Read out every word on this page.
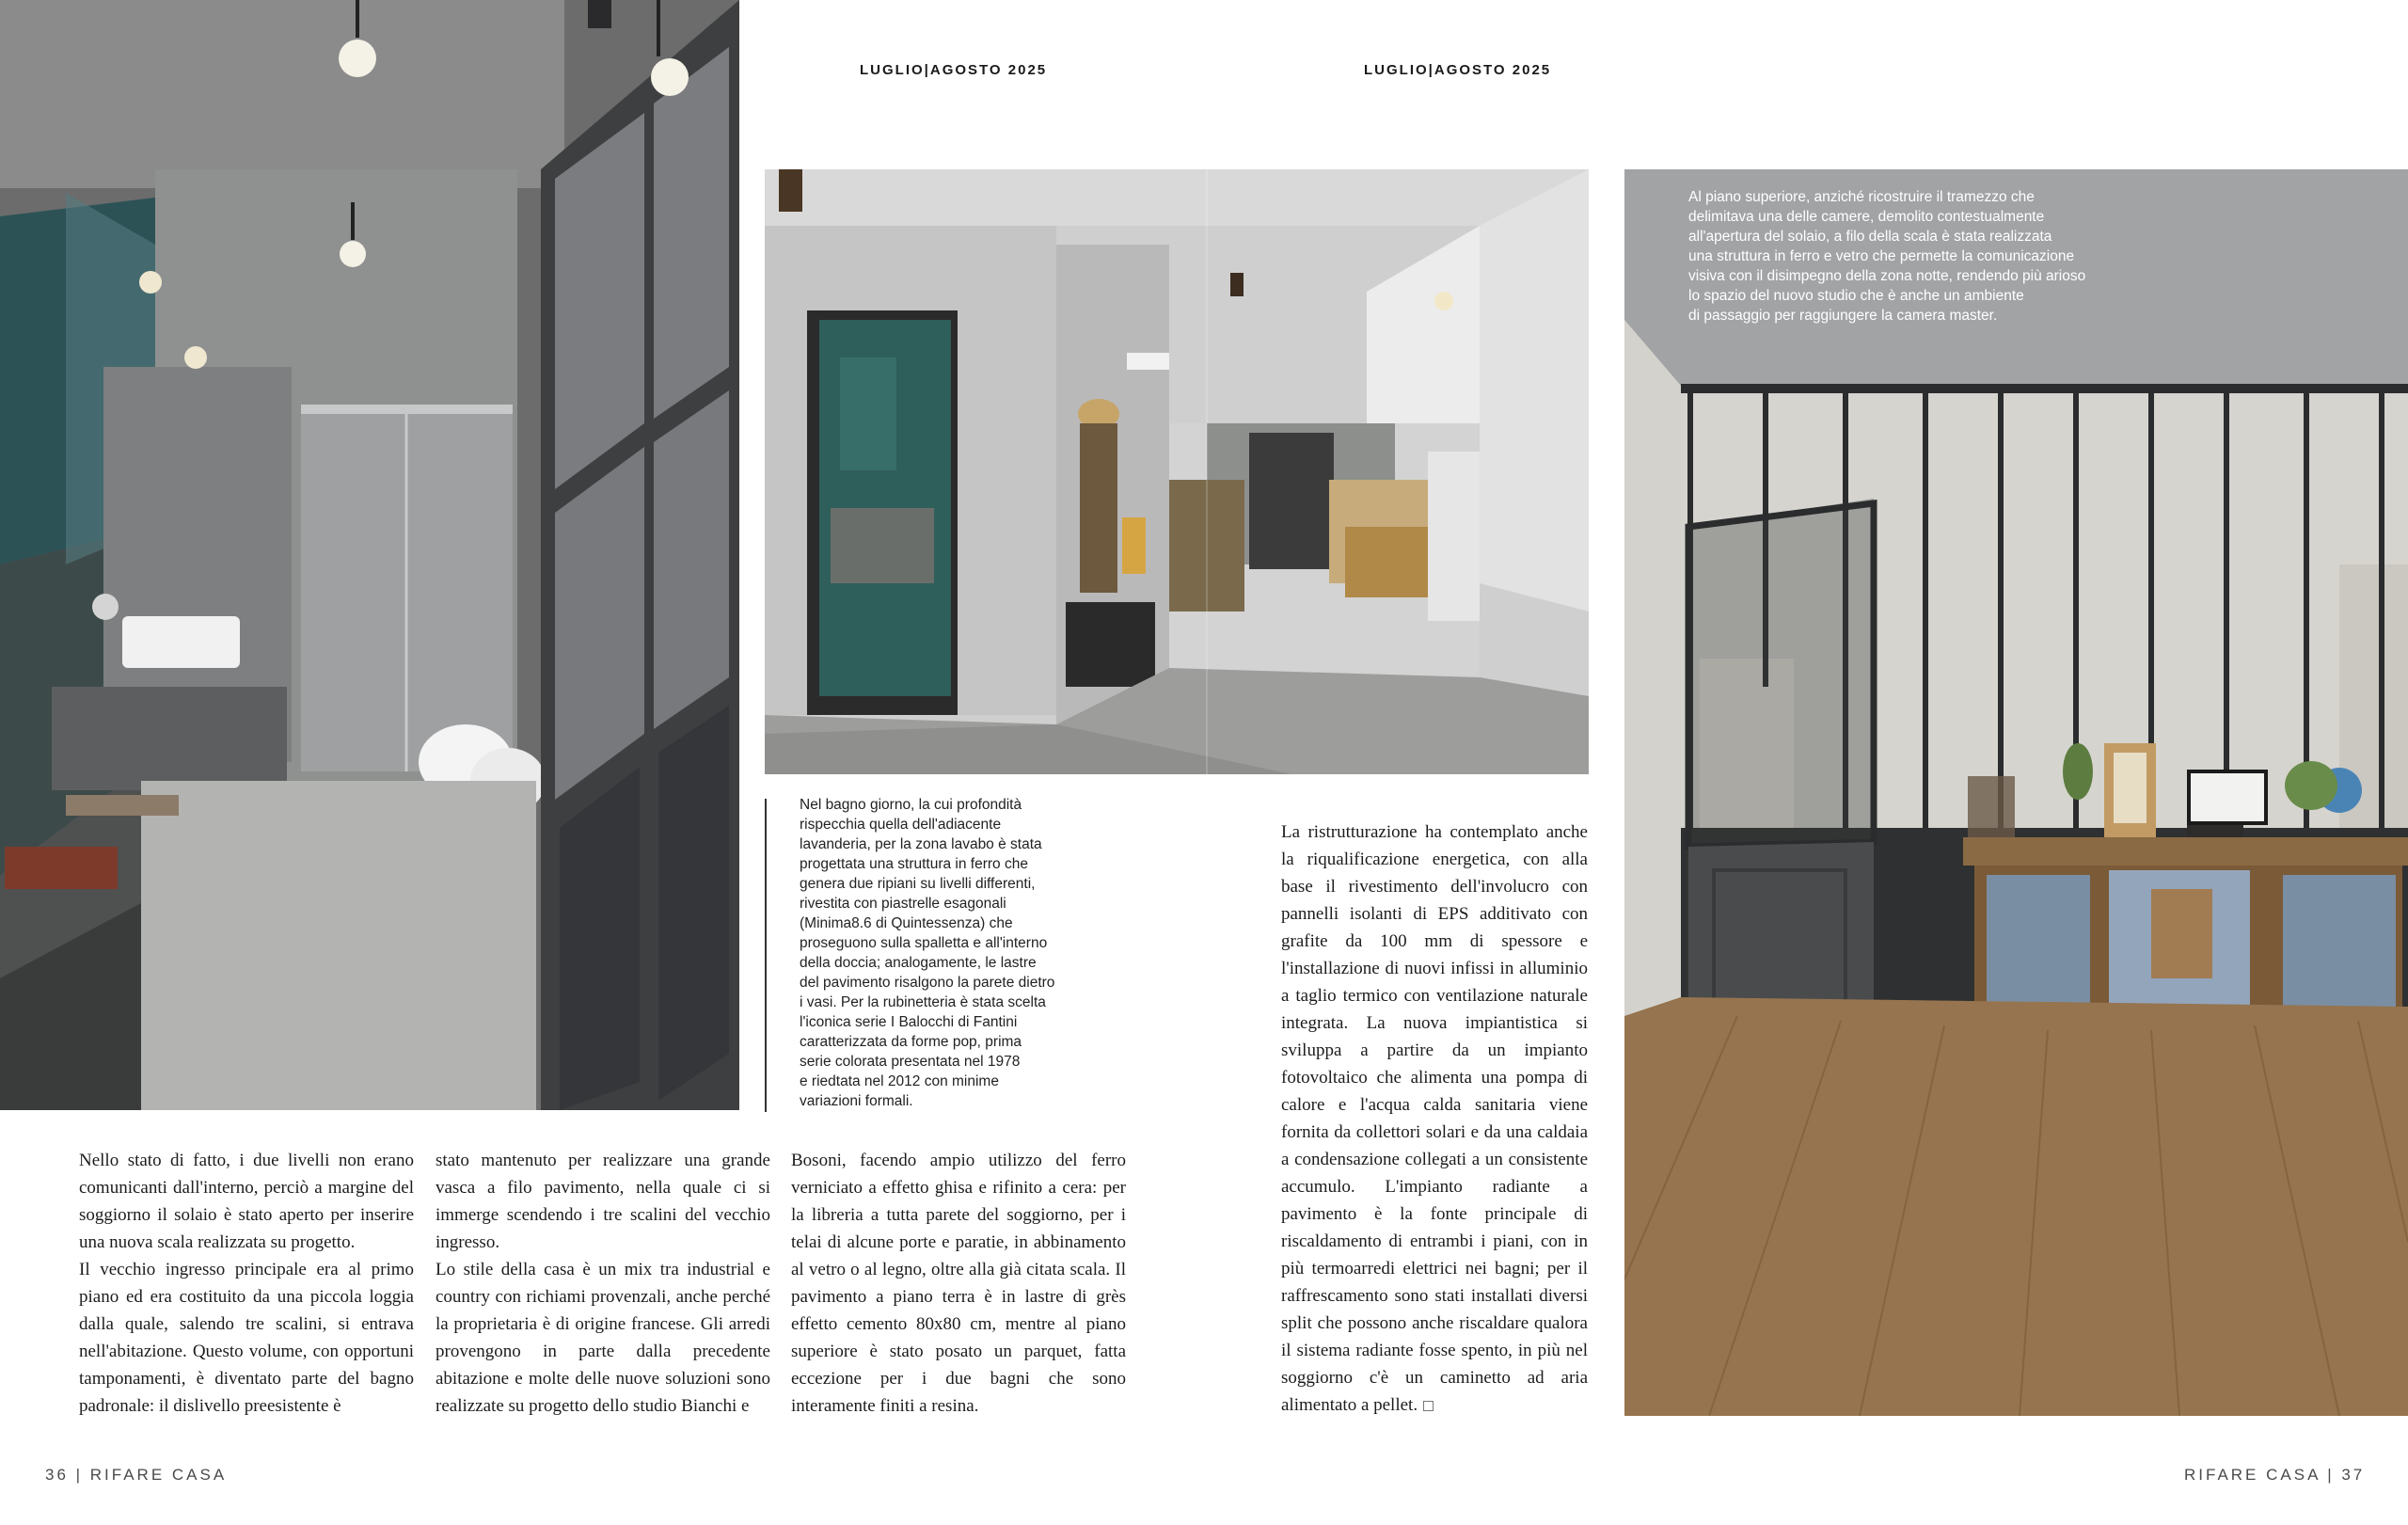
LUGLIO|AGOSTO 2025	LUGLIO|AGOSTO 2025
Nel bagno giorno, la cui profondità
rispecchia quella dell'adiacente
lavanderia, per la zona lavabo è stata
progettata una struttura in ferro che
genera due ripiani su livelli differenti,
rivestita con piastrelle esagonali
(Minima8.6 di Quintessenza) che
proseguono sulla spalletta e all'interno
della doccia; analogamente, le lastre
del pavimento risalgono la parete dietro
i vasi. Per la rubinetteria è stata scelta
l'iconica serie I Balocchi di Fantini
caratterizzata da forme pop, prima
serie colorata presentata nel 1978
e riedtata nel 2012 con minime
variazioni formali.
Al piano superiore, anziché ricostruire il tramezzo che
delimitava una delle camere, demolito contestualmente
all'apertura del solaio, a filo della scala è stata realizzata
una struttura in ferro e vetro che permette la comunicazione
visiva con il disimpegno della zona notte, rendendo più arioso
lo spazio del nuovo studio che è anche un ambiente
di passaggio per raggiungere la camera master.

Nello stato di fatto, i due livelli non erano comunicanti dall'interno, perciò a margine del soggiorno il solaio è stato aperto per inserire una nuova scala realizzata su progetto.

Il vecchio ingresso principale era al primo piano ed era costituito da una piccola loggia dalla quale, salendo tre scalini, si entrava nell'abitazione. Questo volume, con opportuni tamponamenti, è diventato parte del bagno padronale: il dislivello preesistente è

stato mantenuto per realizzare una grande vasca a filo pavimento, nella quale ci si immerge scendendo i tre scalini del vecchio ingresso.

Lo stile della casa è un mix tra industrial e country con richiami provenzali, anche perché la proprietaria è di origine francese. Gli arredi provengono in parte dalla precedente abitazione e molte delle nuove soluzioni sono realizzate su progetto dello studio Bianchi e

Bosoni, facendo ampio utilizzo del ferro verniciato a effetto ghisa e rifinito a cera: per la libreria a tutta parete del soggiorno, per i telai di alcune porte e paratie, in abbinamento al vetro o al legno, oltre alla già citata scala. Il pavimento a piano terra è in lastre di grès effetto cemento 80x80 cm, mentre al piano superiore è stato posato un parquet, fatta eccezione per i due bagni che sono interamente finiti a resina.

La ristrutturazione ha contemplato anche la riqualificazione energetica, con alla base il rivestimento dell'involucro con pannelli isolanti di EPS additivato con grafite da 100 mm di spessore e l'installazione di nuovi infissi in alluminio a taglio termico con ventilazione naturale integrata. La nuova impiantistica si sviluppa a partire da un impianto fotovoltaico che alimenta una pompa di calore e l'acqua calda sanitaria viene fornita da collettori solari e da una caldaia a condensazione collegati a un consistente accumulo. L'impianto radiante a pavimento è la fonte principale di riscaldamento di entrambi i piani, con in più termoarredi elettrici nei bagni; per il raffrescamento sono stati installati diversi split che possono anche riscaldare qualora il sistema radiante fosse spento, in più nel soggiorno c'è un caminetto ad aria alimentato a pellet.

36 | RIFARE CASA	RIFARE CASA | 37
